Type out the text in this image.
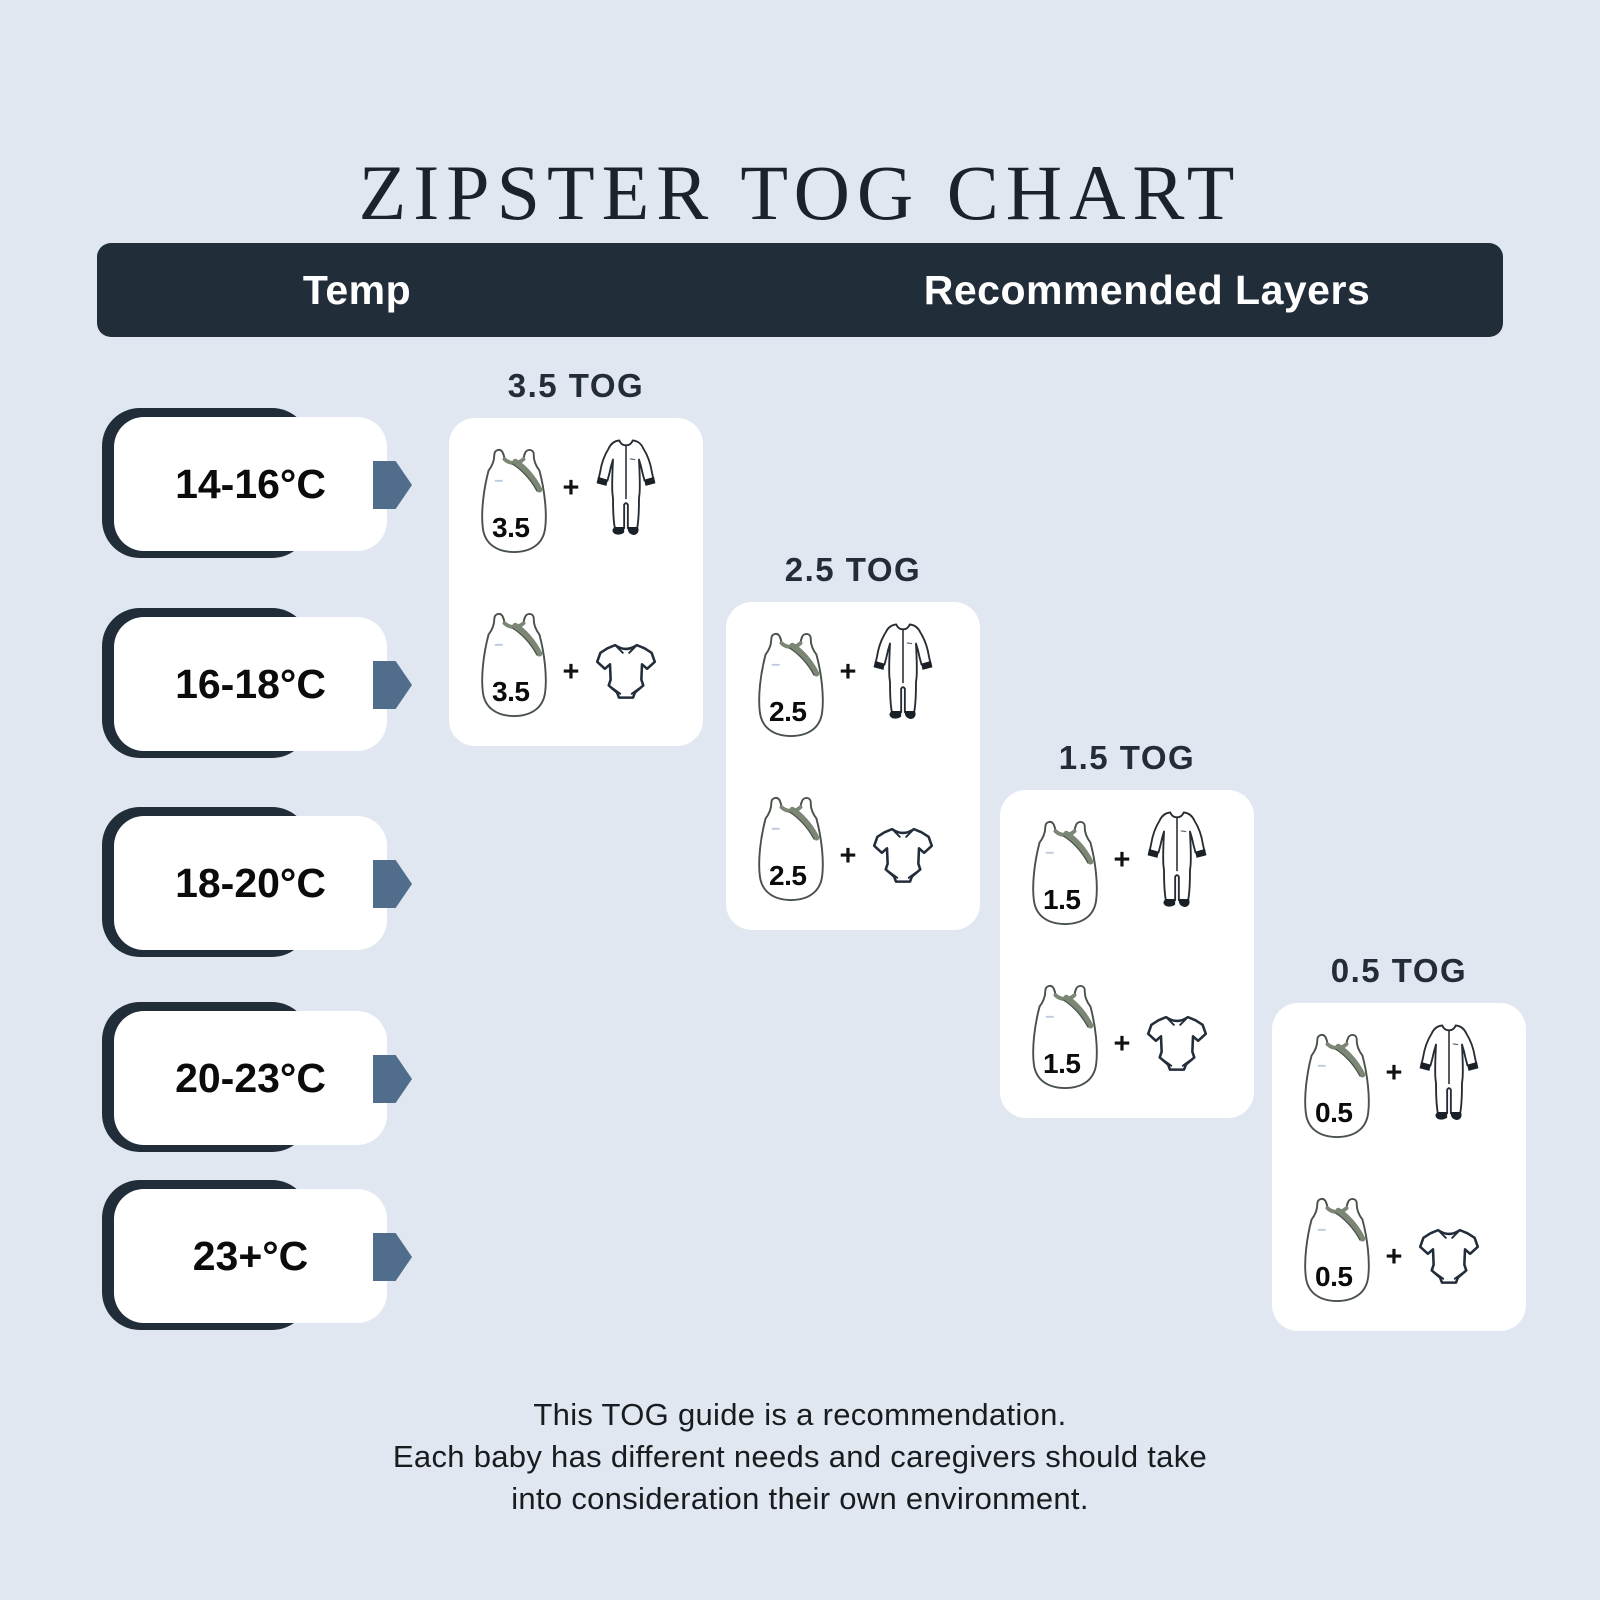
ZIPSTER TOG CHART
Temp	Recommended Layers
14-16°C
16-18°C
18-20°C
20-23°C
23+°C
3.5 TOG
3.5
+
3.5
+
2.5 TOG
2.5
+
2.5
+
1.5 TOG
1.5
+
1.5
+
0.5 TOG
0.5
+
0.5
+

This TOG guide is a recommendation.

Each baby has different needs and caregivers should take

into consideration their own environment.
